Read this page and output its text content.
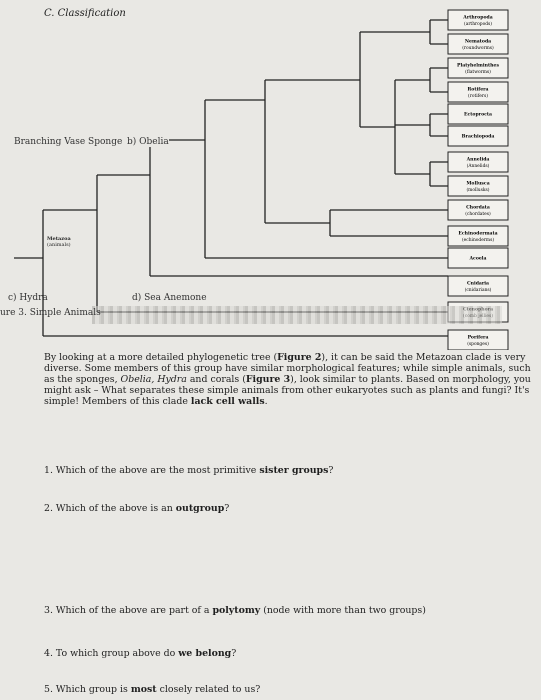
C. Classification	Arthropoda
(arthropods)
Nematoda
(roundworms)
Platyhelminthes
(flatworms)
Rotifera
(rotifers)
Ectoprocta
Brachiopoda
Annelida
(Annelids)
Mollusca
(mollusks)
Chordata
(chordates)
Echinodermata
(echinoderms)
Acoela
Cnidaria
(cnidarians)
Porifera
(sponges)
Branching Vase Sponge b) Obelia
Metazoa
(animals)
c) Hydra	d) Sea Anemone
ure 3. Simple Animals
By looking at a more detailed phylogenetic tree (Figure 2), it can be said the Metazoan clade is very diverse. Some members of this group have similar morphological features; while simple animals, such as the sponges, Obelia, Hydra and corals (Figure 3), look similar to plants. Based on morphology, you might ask – What separates these simple animals from other eukaryotes such as plants and fungi? It's simple! Members of this clade lack cell walls.
1. Which of the above are the most primitive sister groups?
2. Which of the above is an outgroup?
3. Which of the above are part of a polytomy (node with more than two groups)
4. To which group above do we belong?
5. Which group is most closely related to us?
